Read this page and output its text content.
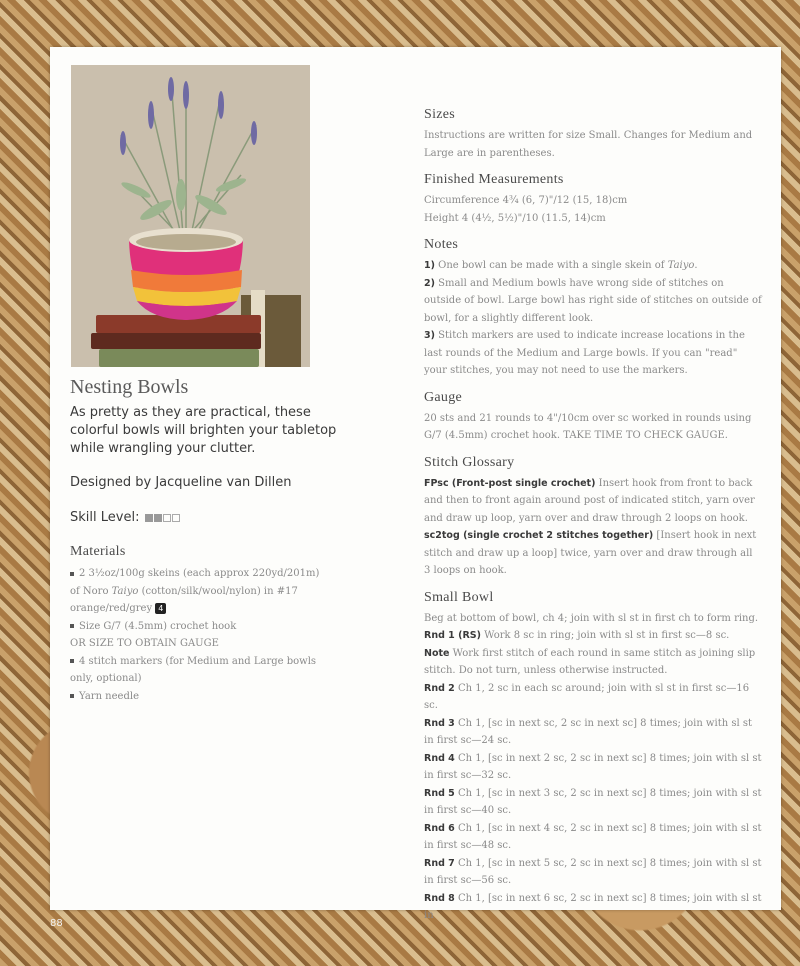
Nesting Bowls
As pretty as they are practical, these colorful bowls will brighten your tabletop while wrangling your clutter.
Designed by Jacqueline van Dillen
Skill Level:
Materials
2 3½oz/100g skeins (each approx 220yd/201m) of Noro Taiyo (cotton/silk/wool/nylon) in #17 orange/red/grey 4
Size G/7 (4.5mm) crochet hook
OR SIZE TO OBTAIN GAUGE
4 stitch markers (for Medium and Large bowls only, optional)
Yarn needle
Sizes

Instructions are written for size Small. Changes for Medium and Large are in parentheses.

Finished Measurements

Circumference 4¾ (6, 7)"/12 (15, 18)cm

Height 4 (4½, 5½)"/10 (11.5, 14)cm

Notes

1) One bowl can be made with a single skein of Taiyo.

2) Small and Medium bowls have wrong side of stitches on outside of bowl. Large bowl has right side of stitches on outside of bowl, for a slightly different look.

3) Stitch markers are used to indicate increase locations in the last rounds of the Medium and Large bowls. If you can "read" your stitches, you may not need to use the markers.

Gauge

20 sts and 21 rounds to 4"/10cm over sc worked in rounds using G/7 (4.5mm) crochet hook. TAKE TIME TO CHECK GAUGE.

Stitch Glossary

FPsc (Front-post single crochet) Insert hook from front to back and then to front again around post of indicated stitch, yarn over and draw up loop, yarn over and draw through 2 loops on hook.

sc2tog (single crochet 2 stitches together) [Insert hook in next stitch and draw up a loop] twice, yarn over and draw through all 3 loops on hook.

Small Bowl

Beg at bottom of bowl, ch 4; join with sl st in first ch to form ring.

Rnd 1 (RS) Work 8 sc in ring; join with sl st in first sc—8 sc.

Note Work first stitch of each round in same stitch as joining slip stitch. Do not turn, unless otherwise instructed.

Rnd 2 Ch 1, 2 sc in each sc around; join with sl st in first sc—16 sc.

Rnd 3 Ch 1, [sc in next sc, 2 sc in next sc] 8 times; join with sl st in first sc—24 sc.

Rnd 4 Ch 1, [sc in next 2 sc, 2 sc in next sc] 8 times; join with sl st in first sc—32 sc.

Rnd 5 Ch 1, [sc in next 3 sc, 2 sc in next sc] 8 times; join with sl st in first sc—40 sc.

Rnd 6 Ch 1, [sc in next 4 sc, 2 sc in next sc] 8 times; join with sl st in first sc—48 sc.

Rnd 7 Ch 1, [sc in next 5 sc, 2 sc in next sc] 8 times; join with sl st in first sc—56 sc.

Rnd 8 Ch 1, [sc in next 6 sc, 2 sc in next sc] 8 times; join with sl st in

88
